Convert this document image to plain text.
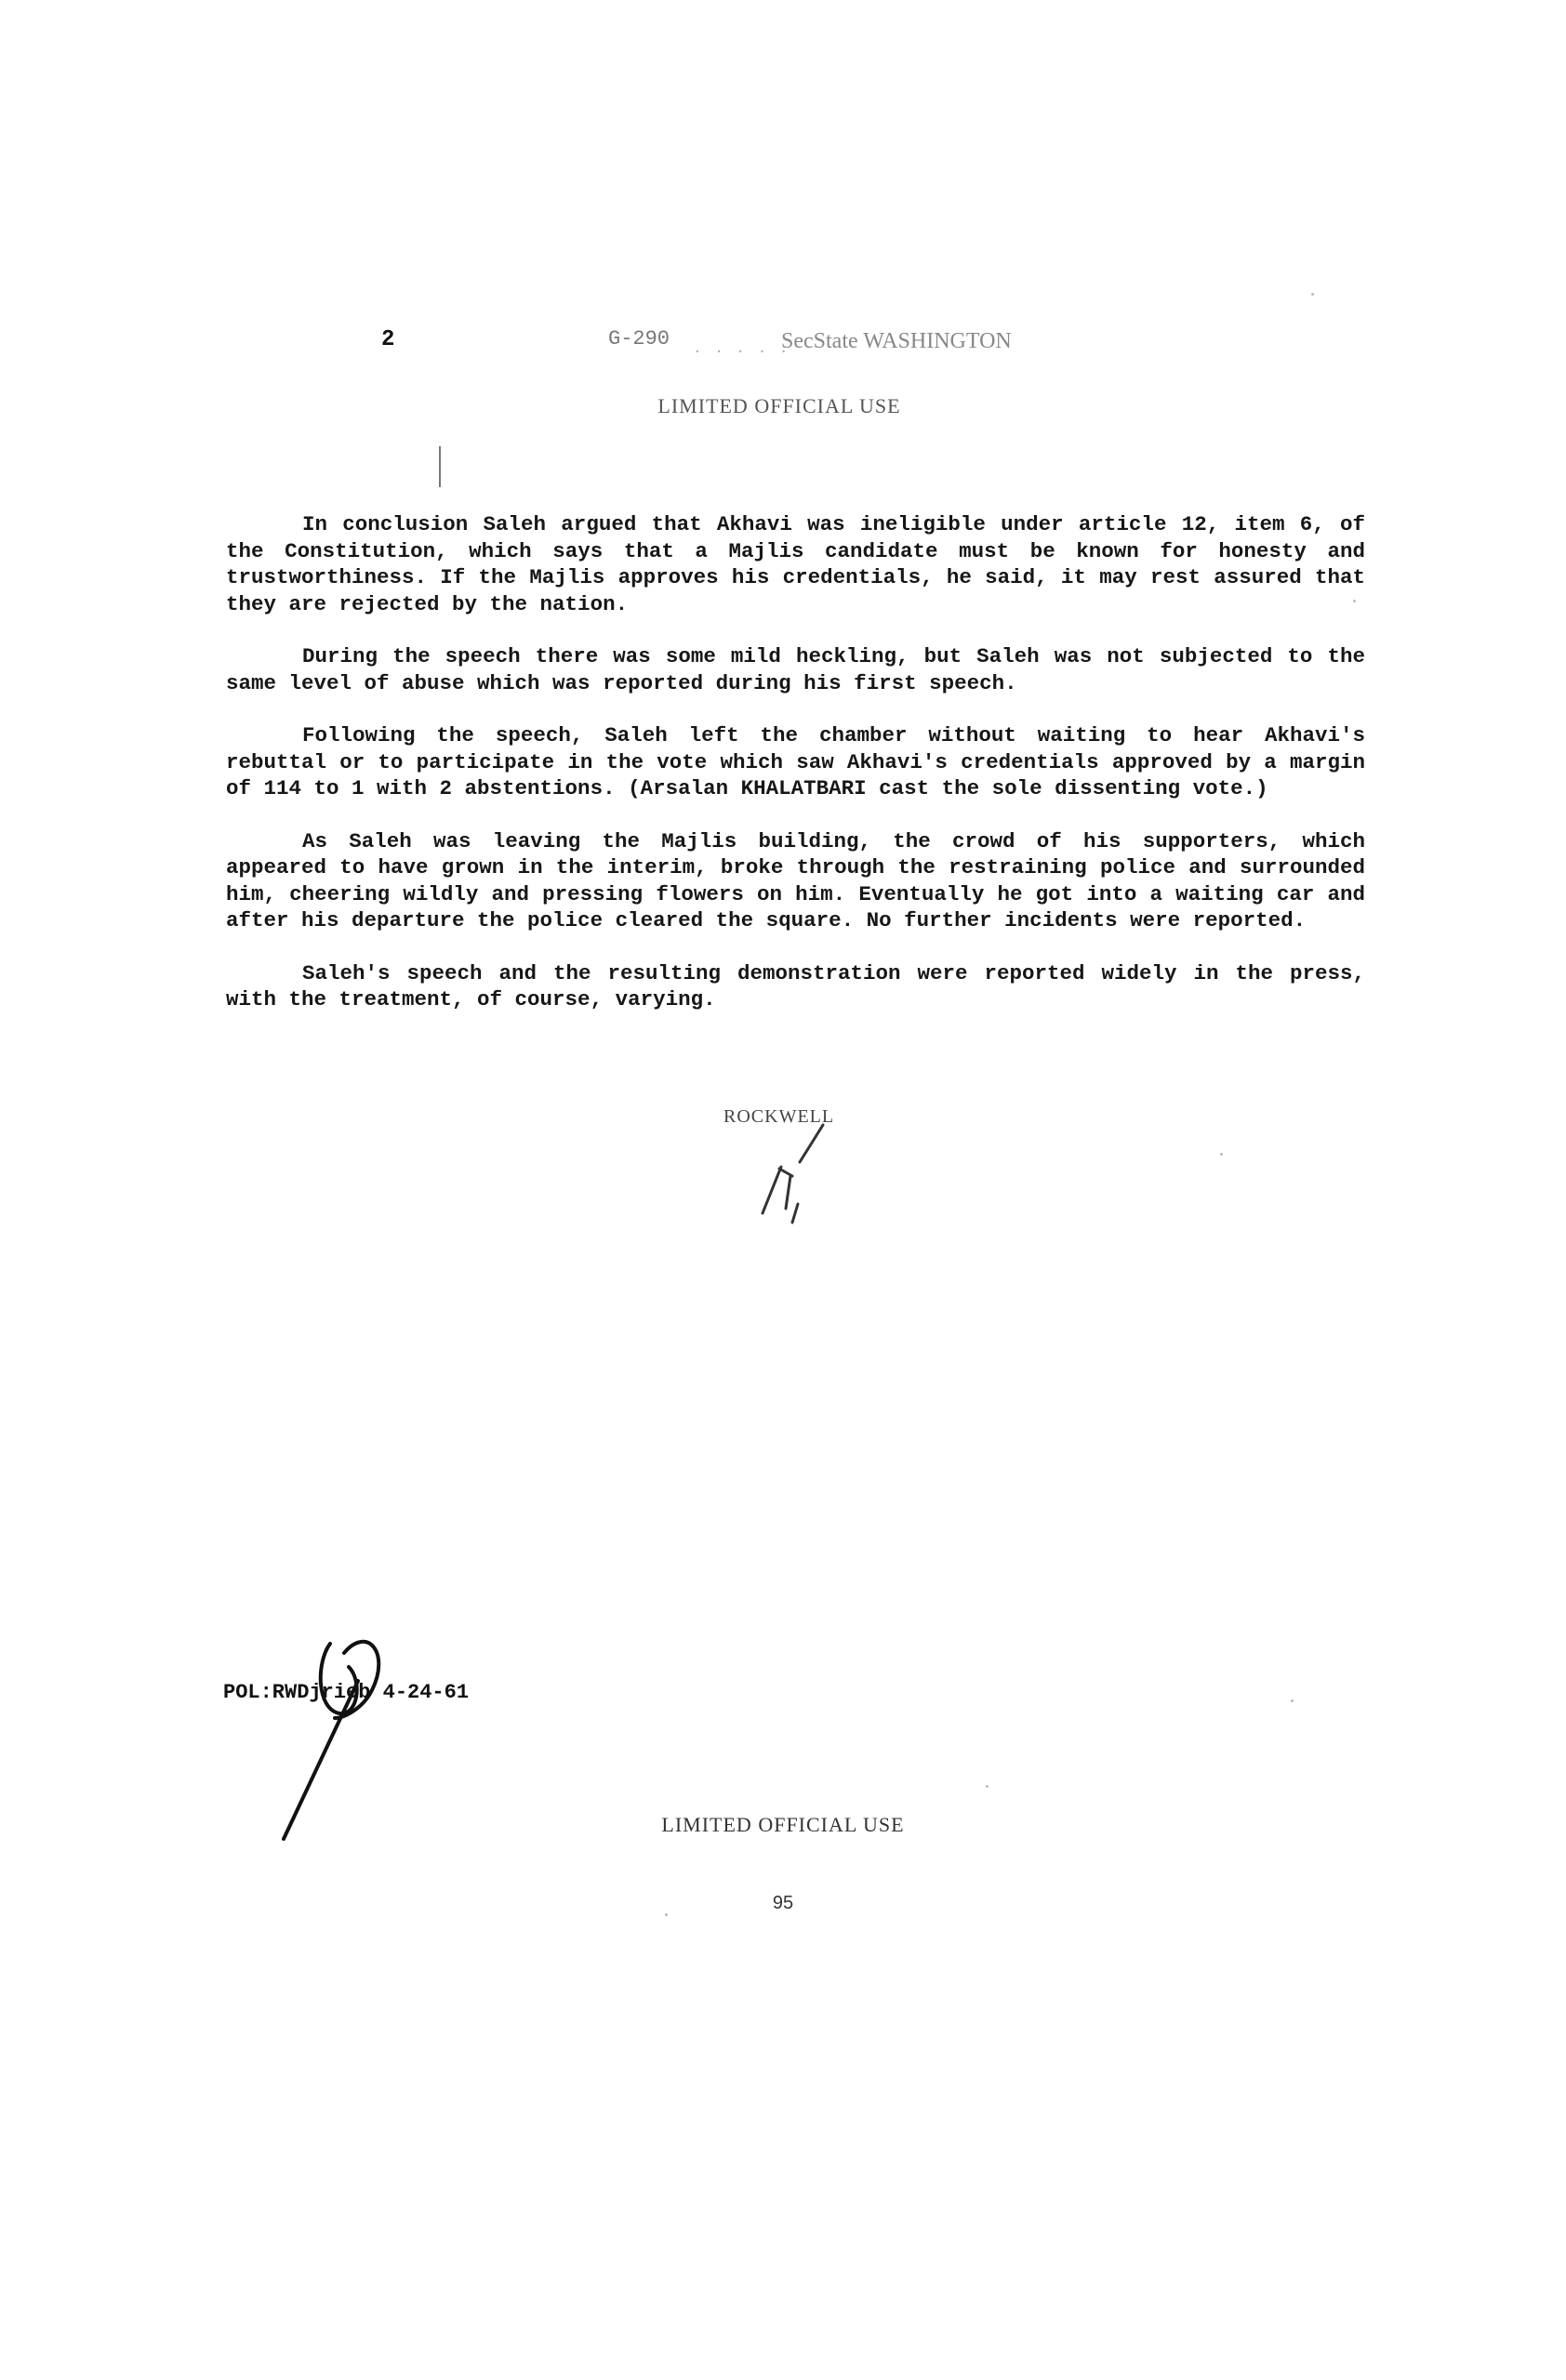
2	G-290 . . . . .
SecState WASHINGTON
LIMITED OFFICIAL USE

In conclusion Saleh argued that Akhavi was ineligible under article 12, item 6, of the Constitution, which says that a Majlis candidate must be known for honesty and trustworthiness. If the Majlis approves his credentials, he said, it may rest assured that they are rejected by the nation.

During the speech there was some mild heckling, but Saleh was not subjected to the same level of abuse which was reported during his first speech.

Following the speech, Saleh left the chamber without waiting to hear Akhavi's rebuttal or to participate in the vote which saw Akhavi's credentials approved by a margin of 114 to 1 with 2 abstentions. (Arsalan KHALATBARI cast the sole dissenting vote.)

As Saleh was leaving the Majlis building, the crowd of his supporters, which appeared to have grown in the interim, broke through the restraining police and surrounded him, cheering wildly and pressing flowers on him. Eventually he got into a waiting car and after his departure the police cleared the square. No further incidents were reported.

Saleh's speech and the resulting demonstration were reported widely in the press, with the treatment, of course, varying.

ROCKWELL
POL:RWDjrieb 4-24-61
LIMITED OFFICIAL USE
95
